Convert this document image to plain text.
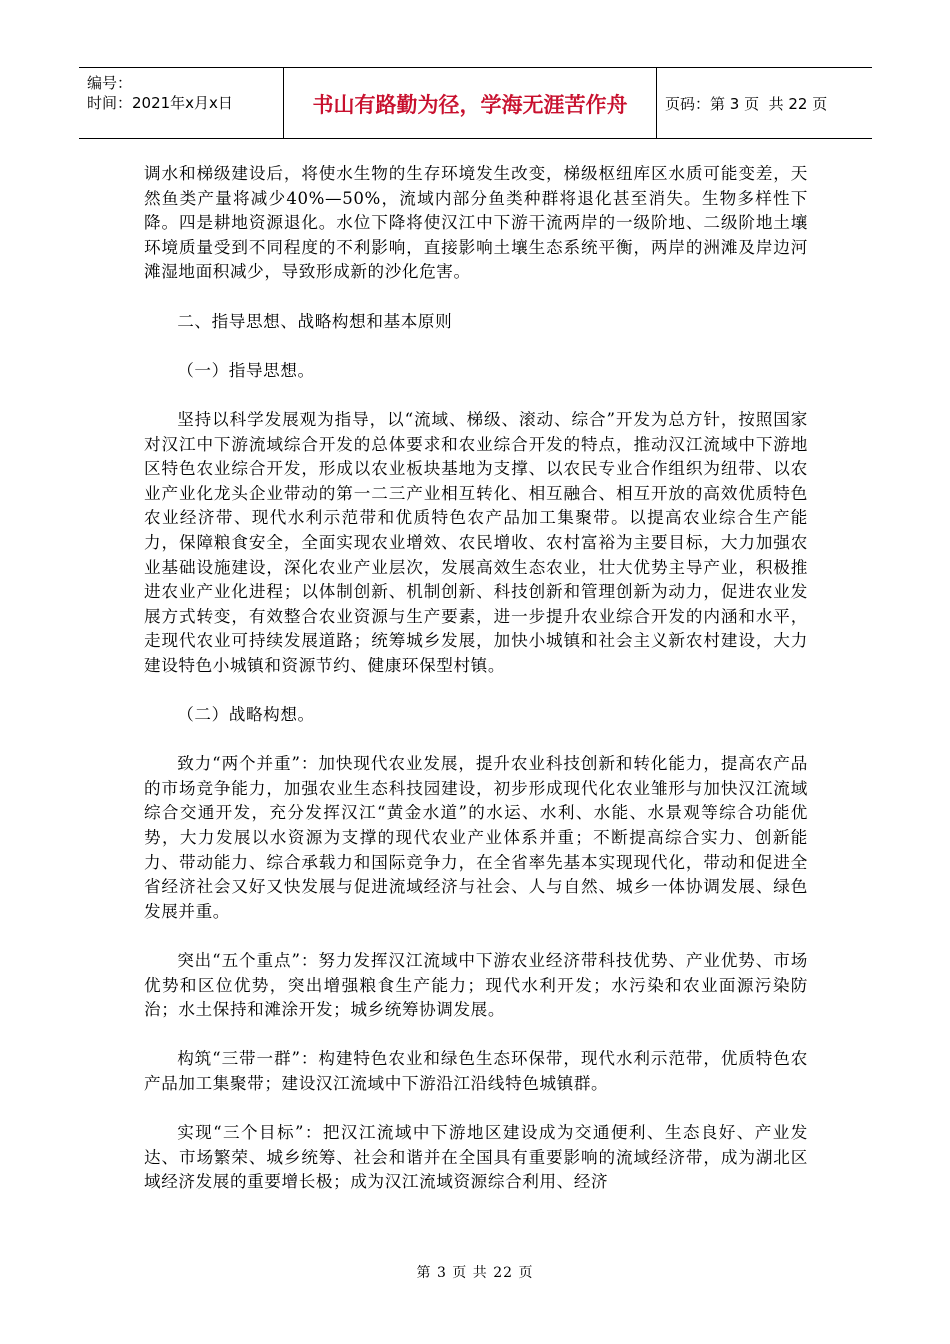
编号：
时间：2021年x月x日	书山有路勤为径，学海无涯苦作舟	页码：第 3 页  共 22 页

调水和梯级建设后，将使水生物的生存环境发生改变，梯级枢纽库区水质可能变差，天然鱼类产量将减少40%—50%，流域内部分鱼类种群将退化甚至消失。生物多样性下降。四是耕地资源退化。水位下降将使汉江中下游干流两岸的一级阶地、二级阶地土壤环境质量受到不同程度的不利影响，直接影响土壤生态系统平衡，两岸的洲滩及岸边河滩湿地面积减少，导致形成新的沙化危害。

二、指导思想、战略构想和基本原则

（一）指导思想。

坚持以科学发展观为指导，以“流域、梯级、滚动、综合”开发为总方针，按照国家对汉江中下游流域综合开发的总体要求和农业综合开发的特点，推动汉江流域中下游地区特色农业综合开发，形成以农业板块基地为支撑、以农民专业合作组织为纽带、以农业产业化龙头企业带动的第一二三产业相互转化、相互融合、相互开放的高效优质特色农业经济带、现代水利示范带和优质特色农产品加工集聚带。以提高农业综合生产能力，保障粮食安全，全面实现农业增效、农民增收、农村富裕为主要目标，大力加强农业基础设施建设，深化农业产业层次，发展高效生态农业，壮大优势主导产业，积极推进农业产业化进程；以体制创新、机制创新、科技创新和管理创新为动力，促进农业发展方式转变，有效整合农业资源与生产要素，进一步提升农业综合开发的内涵和水平，走现代农业可持续发展道路；统筹城乡发展，加快小城镇和社会主义新农村建设，大力建设特色小城镇和资源节约、健康环保型村镇。

（二）战略构想。

致力“两个并重”：加快现代农业发展，提升农业科技创新和转化能力，提高农产品的市场竞争能力，加强农业生态科技园建设，初步形成现代化农业雏形与加快汉江流域综合交通开发，充分发挥汉江“黄金水道”的水运、水利、水能、水景观等综合功能优势，大力发展以水资源为支撑的现代农业产业体系并重；不断提高综合实力、创新能力、带动能力、综合承载力和国际竞争力，在全省率先基本实现现代化，带动和促进全省经济社会又好又快发展与促进流域经济与社会、人与自然、城乡一体协调发展、绿色发展并重。

突出“五个重点”：努力发挥汉江流域中下游农业经济带科技优势、产业优势、市场优势和区位优势，突出增强粮食生产能力；现代水利开发；水污染和农业面源污染防治；水土保持和滩涂开发；城乡统筹协调发展。

构筑“三带一群”：构建特色农业和绿色生态环保带，现代水利示范带，优质特色农产品加工集聚带；建设汉江流域中下游沿江沿线特色城镇群。

实现“三个目标”：把汉江流域中下游地区建设成为交通便利、生态良好、产业发达、市场繁荣、城乡统筹、社会和谐并在全国具有重要影响的流域经济带，成为湖北区域经济发展的重要增长极；成为汉江流域资源综合利用、经济

第 3 页 共 22 页
